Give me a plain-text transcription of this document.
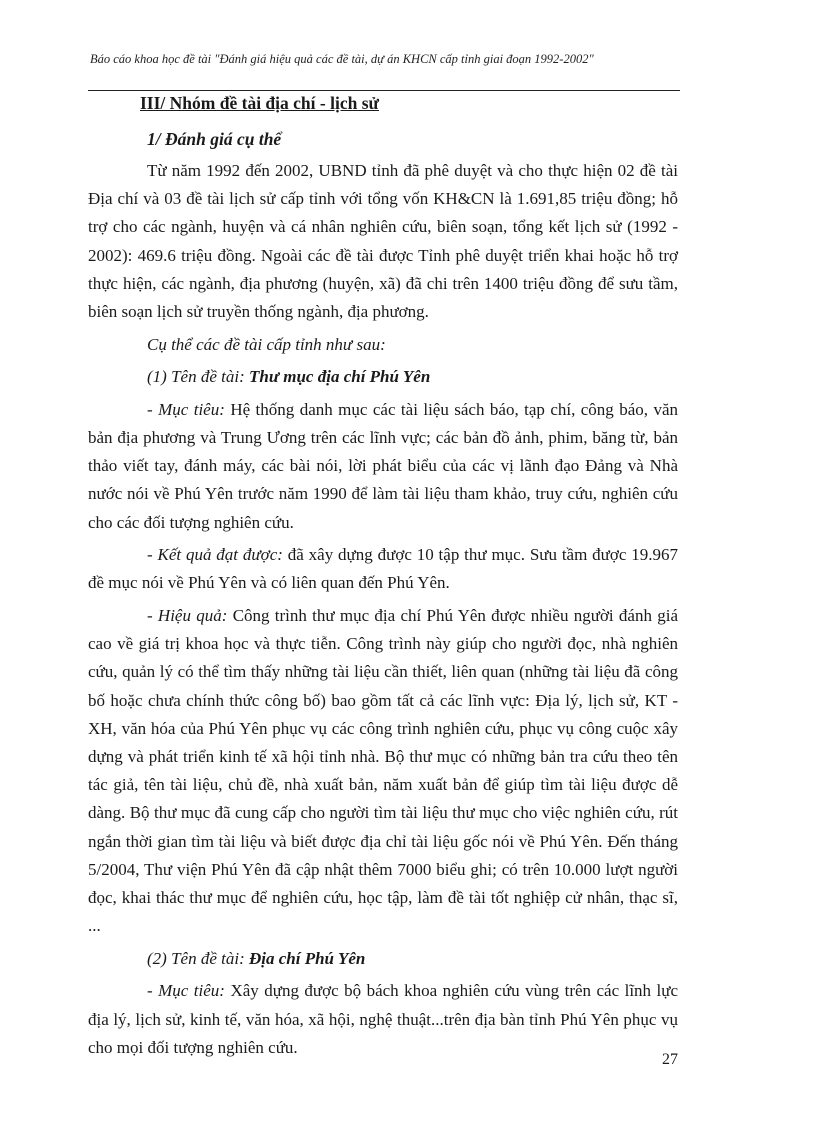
Báo cáo khoa học đề tài "Đánh giá hiệu quả các đề tài, dự án KHCN cấp tỉnh giai đoạn 1992-2002"
III/ Nhóm đề tài địa chí - lịch sử
1/ Đánh giá cụ thể

Từ năm 1992 đến 2002, UBND tỉnh đã phê duyệt và cho thực hiện 02 đề tài Địa chí và 03 đề tài lịch sử cấp tỉnh với tổng vốn KH&CN là 1.691,85 triệu đồng; hỗ trợ cho các ngành, huyện và cá nhân nghiên cứu, biên soạn, tổng kết lịch sử (1992 - 2002): 469.6 triệu đồng. Ngoài các đề tài được Tỉnh phê duyệt triển khai hoặc hỗ trợ thực hiện, các ngành, địa phương (huyện, xã) đã chi trên 1400 triệu đồng để sưu tầm, biên soạn lịch sử truyền thống ngành, địa phương.

Cụ thể các đề tài cấp tỉnh như sau:

(1) Tên đề tài: Thư mục địa chí Phú Yên

- Mục tiêu: Hệ thống danh mục các tài liệu sách báo, tạp chí, công báo, văn bản địa phương và Trung Ương trên các lĩnh vực; các bản đồ ảnh, phim, băng từ, bản thảo viết tay, đánh máy, các bài nói, lời phát biểu của các vị lãnh đạo Đảng và Nhà nước nói về Phú Yên trước năm 1990 để làm tài liệu tham khảo, truy cứu, nghiên cứu cho các đối tượng nghiên cứu.

- Kết quả đạt được: đã xây dựng được 10 tập thư mục. Sưu tầm được 19.967 đề mục nói về Phú Yên và có liên quan đến Phú Yên.

- Hiệu quả: Công trình thư mục địa chí Phú Yên được nhiều người đánh giá cao về giá trị khoa học và thực tiễn. Công trình này giúp cho người đọc, nhà nghiên cứu, quản lý có thể tìm thấy những tài liệu cần thiết, liên quan (những tài liệu đã công bố hoặc chưa chính thức công bố) bao gồm tất cả các lĩnh vực: Địa lý, lịch sử, KT - XH, văn hóa của Phú Yên phục vụ các công trình nghiên cứu, phục vụ công cuộc xây dựng và phát triển kinh tế xã hội tỉnh nhà. Bộ thư mục có những bản tra cứu theo tên tác giả, tên tài liệu, chủ đề, nhà xuất bản, năm xuất bản để giúp tìm tài liệu được dễ dàng. Bộ thư mục đã cung cấp cho người tìm tài liệu thư mục cho việc nghiên cứu, rút ngắn thời gian tìm tài liệu và biết được địa chỉ tài liệu gốc nói về Phú Yên. Đến tháng 5/2004, Thư viện Phú Yên đã cập nhật thêm 7000 biểu ghi; có trên 10.000 lượt người đọc, khai thác thư mục để nghiên cứu, học tập, làm đề tài tốt nghiệp cử nhân, thạc sĩ, ...

(2) Tên đề tài: Địa chí Phú Yên

- Mục tiêu: Xây dựng được bộ bách khoa nghiên cứu vùng trên các lĩnh lực địa lý, lịch sử, kinh tế, văn hóa, xã hội, nghệ thuật...trên địa bàn tỉnh Phú Yên phục vụ cho mọi đối tượng nghiên cứu.

27
